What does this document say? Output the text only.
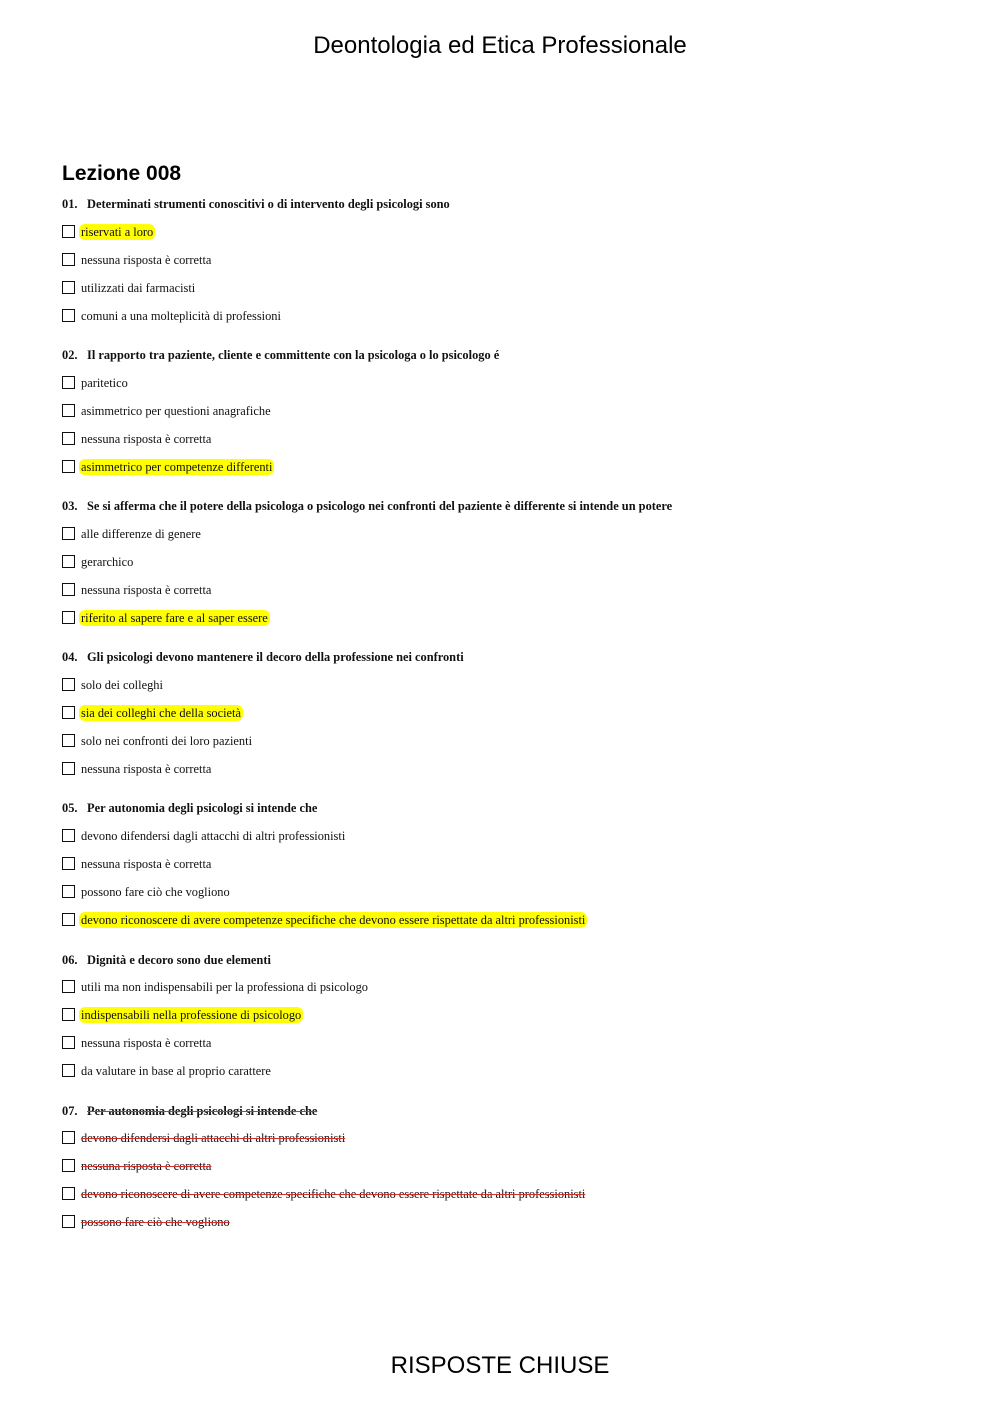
Deontologia ed Etica Professionale
Lezione 008
01. Determinati strumenti conoscitivi o di intervento degli psicologi sono
riservati a loro
nessuna risposta è corretta
utilizzati dai farmacisti
comuni a una molteplicità di professioni
02. Il rapporto tra paziente, cliente e committente con la psicologa o lo psicologo é
paritetico
asimmetrico per questioni anagrafiche
nessuna risposta è corretta
asimmetrico per competenze differenti
03. Se si afferma che il potere della psicologa o psicologo nei confronti del paziente è differente si intende un potere
alle differenze di genere
gerarchico
nessuna risposta è corretta
riferito al sapere fare e al saper essere
04. Gli psicologi devono mantenere il decoro della professione nei confronti
solo dei colleghi
sia dei colleghi che della società
solo nei confronti dei loro pazienti
nessuna risposta è corretta
05. Per autonomia degli psicologi si intende che
devono difendersi dagli attacchi di altri professionisti
nessuna risposta è corretta
possono fare ciò che vogliono
devono riconoscere di avere competenze specifiche che devono essere rispettate da altri professionisti
06. Dignità e decoro sono due elementi
utili ma non indispensabili per la professiona di psicologo
indispensabili nella professione di psicologo
nessuna risposta è corretta
da valutare in base al proprio carattere
07. Per autonomia degli psicologi si intende che
devono difendersi dagli attacchi di altri professionisti
nessuna risposta è corretta
devono riconoscere di avere competenze specifiche che devono essere rispettate da altri professionisti
possono fare ciò che vogliono
RISPOSTE CHIUSE
